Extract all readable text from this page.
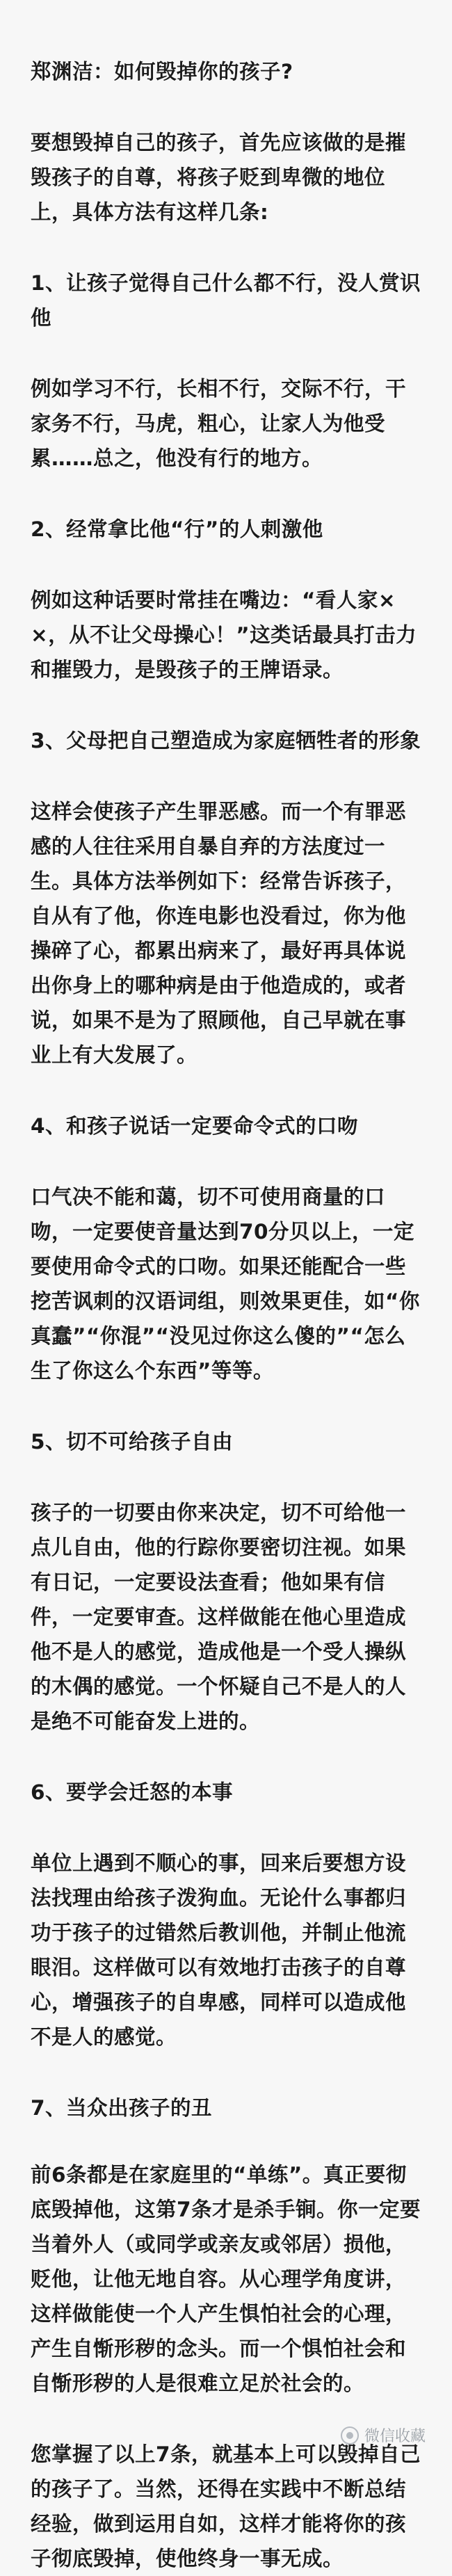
郑渊洁：如何毁掉你的孩子?

要想毁掉自己的孩子，首先应该做的是摧毁孩子的自尊，将孩子贬到卑微的地位上，具体方法有这样几条:

1、让孩子觉得自己什么都不行，没人赏识他

例如学习不行，长相不行，交际不行，干家务不行，马虎，粗心，让家人为他受累……总之，他没有行的地方。

2、经常拿比他“行”的人刺激他

例如这种话要时常挂在嘴边：“看人家××，从不让父母操心！”这类话最具打击力和摧毁力，是毁孩子的王牌语录。

3、父母把自己塑造成为家庭牺牲者的形象

这样会使孩子产生罪恶感。而一个有罪恶感的人往往采用自暴自弃的方法度过一生。具体方法举例如下：经常告诉孩子，自从有了他，你连电影也没看过，你为他操碎了心，都累出病来了，最好再具体说出你身上的哪种病是由于他造成的，或者说，如果不是为了照顾他，自己早就在事业上有大发展了。

4、和孩子说话一定要命令式的口吻

口气决不能和蔼，切不可使用商量的口吻，一定要使音量达到70分贝以上，一定要使用命令式的口吻。如果还能配合一些挖苦讽刺的汉语词组，则效果更佳，如“你真蠢”“你混”“没见过你这么傻的”“怎么生了你这么个东西”等等。

5、切不可给孩子自由

孩子的一切要由你来决定，切不可给他一点儿自由，他的行踪你要密切注视。如果有日记，一定要设法查看；他如果有信件，一定要审查。这样做能在他心里造成他不是人的感觉，造成他是一个受人操纵的木偶的感觉。一个怀疑自己不是人的人是绝不可能奋发上进的。

6、要学会迁怒的本事

单位上遇到不顺心的事，回来后要想方设法找理由给孩子泼狗血。无论什么事都归功于孩子的过错然后教训他，并制止他流眼泪。这样做可以有效地打击孩子的自尊心，增强孩子的自卑感，同样可以造成他不是人的感觉。

7、当众出孩子的丑

前6条都是在家庭里的“单练”。真正要彻底毁掉他，这第7条才是杀手锏。你一定要当着外人（或同学或亲友或邻居）损他，贬他，让他无地自容。从心理学角度讲，这样做能使一个人产生惧怕社会的心理，产生自惭形秽的念头。而一个惧怕社会和自惭形秽的人是很难立足於社会的。

您掌握了以上7条，就基本上可以毁掉自己的孩子了。当然，还得在实践中不断总结经验，做到运用自如，这样才能将你的孩子彻底毁掉，使他终身一事无成。

微信收藏
